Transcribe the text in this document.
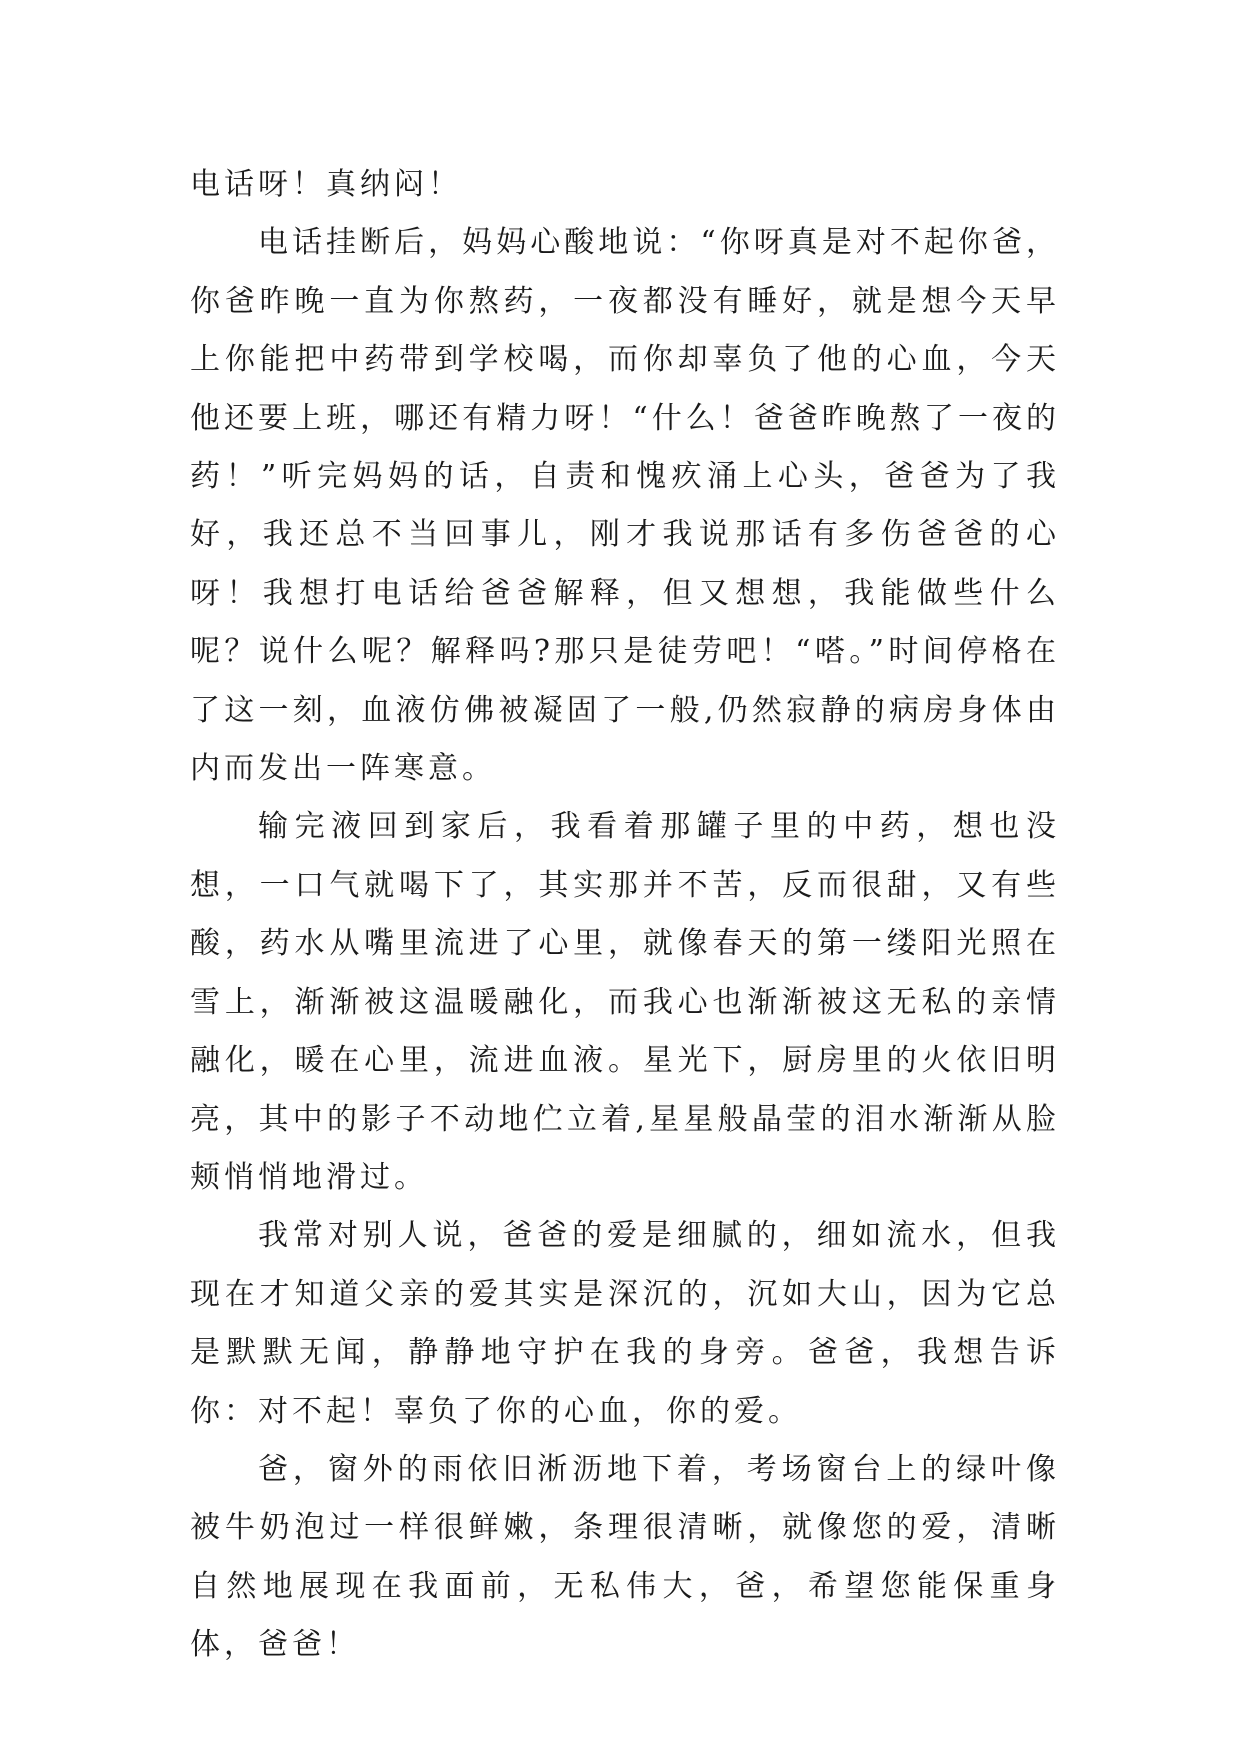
电话呀！真纳闷！

电话挂断后，妈妈心酸地说：“你呀真是对不起你爸，你爸昨晚一直为你熬药，一夜都没有睡好，就是想今天早上你能把中药带到学校喝，而你却辜负了他的心血，今天他还要上班，哪还有精力呀！“什么！爸爸昨晚熬了一夜的药！”听完妈妈的话，自责和愧疚涌上心头，爸爸为了我好，我还总不当回事儿，刚才我说那话有多伤爸爸的心呀！我想打电话给爸爸解释，但又想想，我能做些什么呢？说什么呢？解释吗?那只是徒劳吧！“嗒。”时间停格在了这一刻，血液仿佛被凝固了一般,仍然寂静的病房身体由内而发出一阵寒意。

输完液回到家后，我看着那罐子里的中药，想也没想，一口气就喝下了，其实那并不苦，反而很甜，又有些酸，药水从嘴里流进了心里，就像春天的第一缕阳光照在雪上，渐渐被这温暖融化，而我心也渐渐被这无私的亲情融化，暖在心里，流进血液。星光下，厨房里的火依旧明亮，其中的影子不动地伫立着,星星般晶莹的泪水渐渐从脸颊悄悄地滑过。

我常对别人说，爸爸的爱是细腻的，细如流水，但我现在才知道父亲的爱其实是深沉的，沉如大山，因为它总是默默无闻，静静地守护在我的身旁。爸爸，我想告诉你：对不起！辜负了你的心血，你的爱。

爸，窗外的雨依旧淅沥地下着，考场窗台上的绿叶像被牛奶泡过一样很鲜嫩，条理很清晰，就像您的爱，清晰自然地展现在我面前，无私伟大，爸，希望您能保重身体，爸爸！
